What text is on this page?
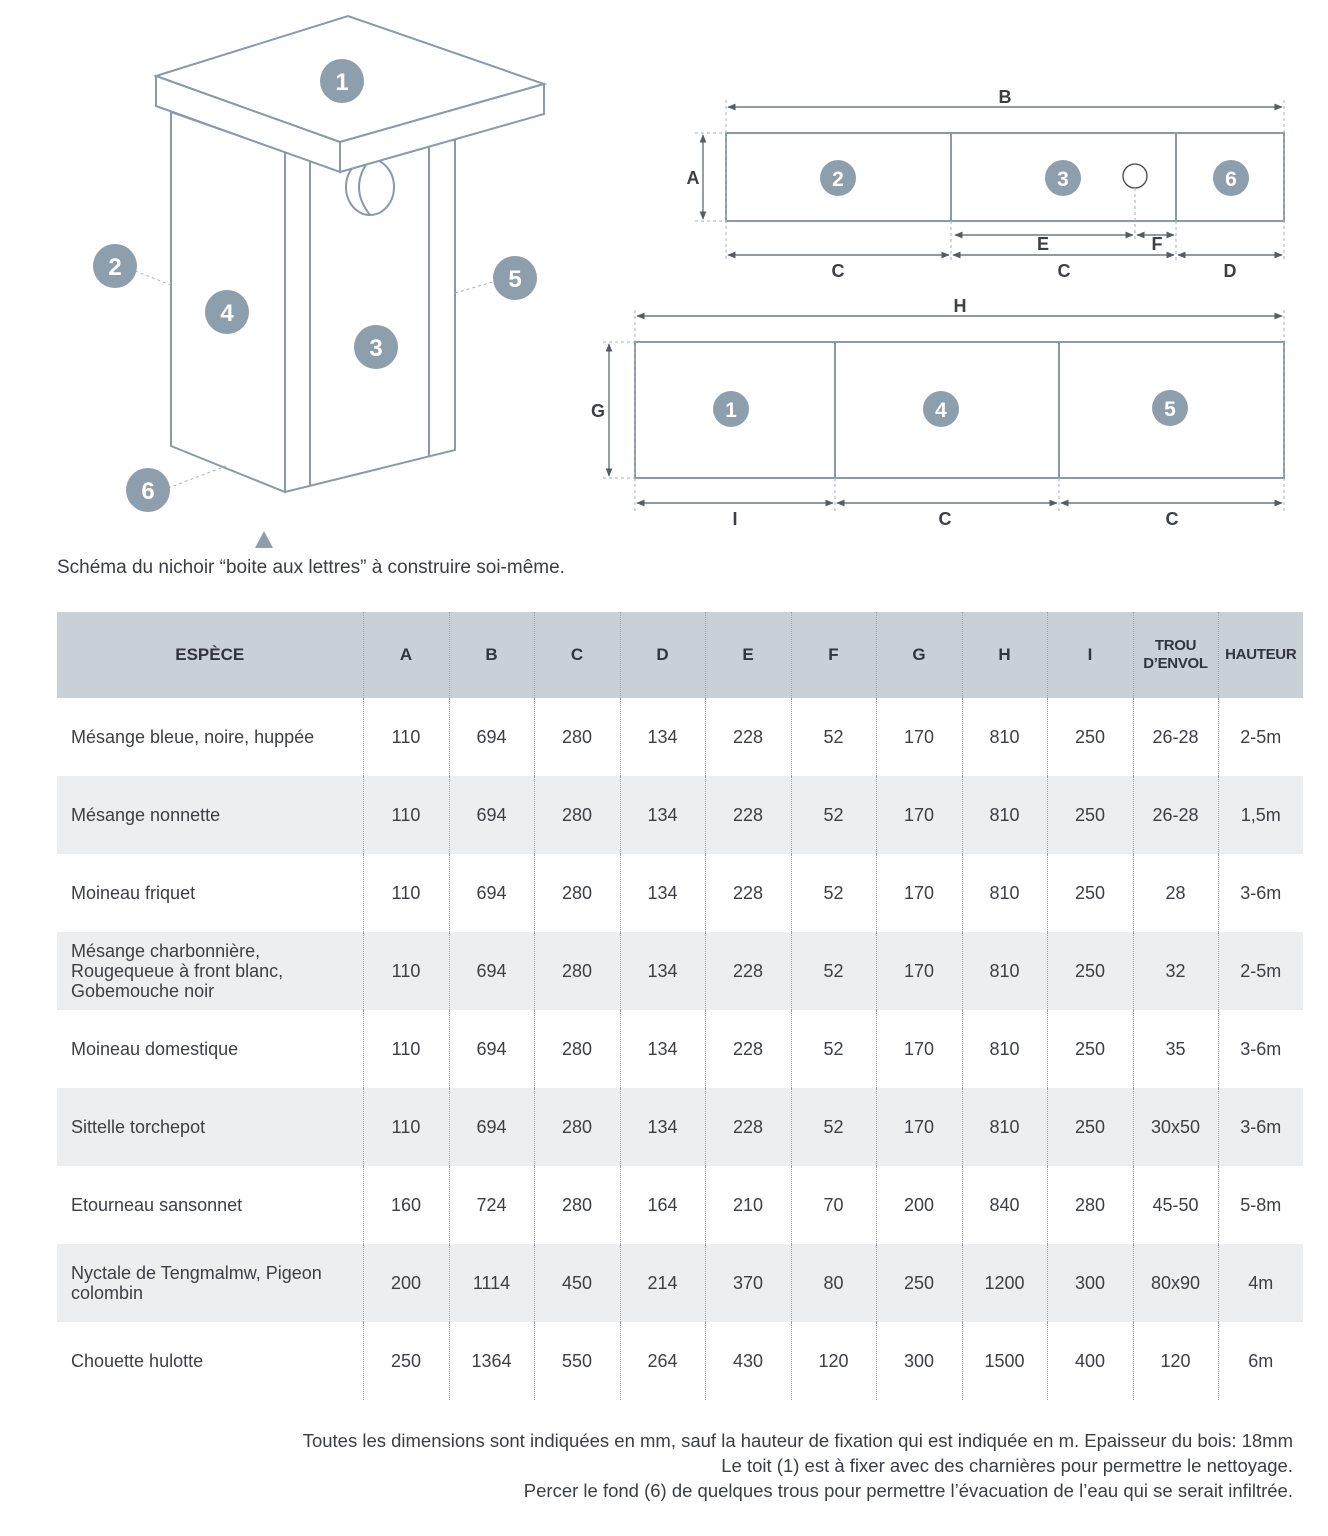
1
2
4
3
5
6
B
A
E	F
C	C	D
2	3	6
H
G
I	C	C
1	4	5
Schéma du nichoir “boite aux lettres” à construire soi-même.
ESPÈCE	A	B	C	D	E	F	G	H	I	TROU D’ENVOL	HAUTEUR
Mésange bleue, noire, huppée	110	694	280	134	228	52	170	810	250	26-28	2-5m
Mésange nonnette	110	694	280	134	228	52	170	810	250	26-28	1,5m
Moineau friquet	110	694	280	134	228	52	170	810	250	28	3-6m
Mésange charbonnière, Rougequeue à front blanc, Gobemouche noir	110	694	280	134	228	52	170	810	250	32	2-5m
Moineau domestique	110	694	280	134	228	52	170	810	250	35	3-6m
Sittelle torchepot	110	694	280	134	228	52	170	810	250	30x50	3-6m
Etourneau sansonnet	160	724	280	164	210	70	200	840	280	45-50	5-8m
Nyctale de Tengmalmw, Pigeon colombin	200	1114	450	214	370	80	250	1200	300	80x90	4m
Chouette hulotte	250	1364	550	264	430	120	300	1500	400	120	6m
Toutes les dimensions sont indiquées en mm, sauf la hauteur de fixation qui est indiquée en m. Epaisseur du bois: 18mm
Le toit (1) est à fixer avec des charnières pour permettre le nettoyage.
Percer le fond (6) de quelques trous pour permettre l’évacuation de l’eau qui se serait infiltrée.
